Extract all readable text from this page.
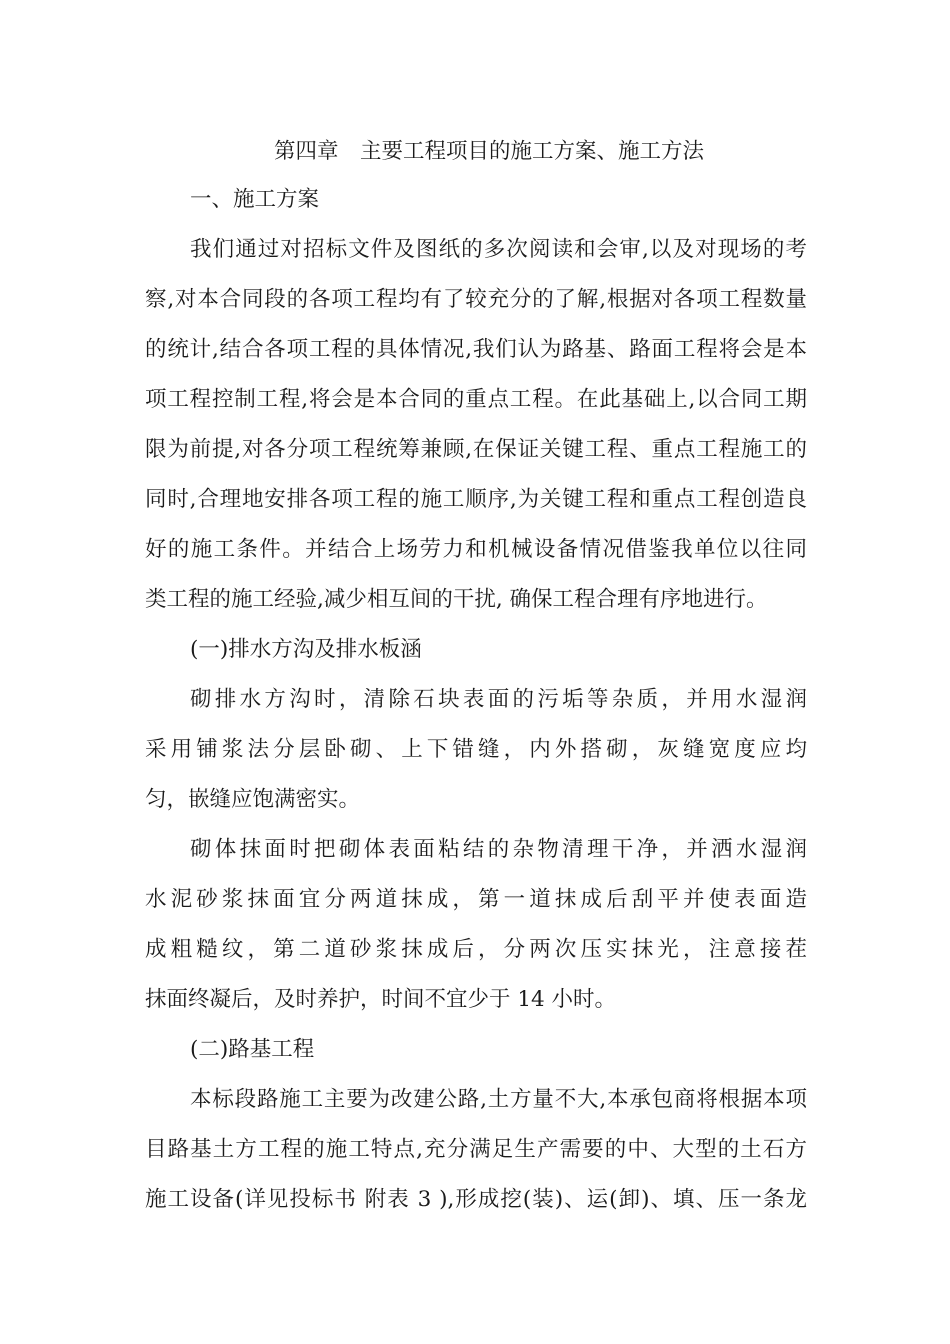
第四章　主要工程项目的施工方案、施工方法
一、施工方案
我们通过对招标文件及图纸的多次阅读和会审,以及对现场的考
察,对本合同段的各项工程均有了较充分的了解,根据对各项工程数量
的统计,结合各项工程的具体情况,我们认为路基、路面工程将会是本
项工程控制工程,将会是本合同的重点工程。在此基础上,以合同工期
限为前提,对各分项工程统筹兼顾,在保证关键工程、重点工程施工的
同时,合理地安排各项工程的施工顺序,为关键工程和重点工程创造良
好的施工条件。并结合上场劳力和机械设备情况借鉴我单位以往同
类工程的施工经验,减少相互间的干扰, 确保工程合理有序地进行。
(一)排水方沟及排水板涵
砌排水方沟时，清除石块表面的污垢等杂质，并用水湿润
采用铺浆法分层卧砌、上下错缝，内外搭砌，灰缝宽度应均
匀，嵌缝应饱满密实。
砌体抹面时把砌体表面粘结的杂物清理干净，并洒水湿润
水泥砂浆抹面宜分两道抹成，第一道抹成后刮平并使表面造
成粗糙纹，第二道砂浆抹成后，分两次压实抹光，注意接茬
抹面终凝后，及时养护，时间不宜少于 14 小时。
(二)路基工程
本标段路施工主要为改建公路,土方量不大,本承包商将根据本项
目路基土方工程的施工特点,充分满足生产需要的中、大型的土石方
施工设备(详见投标书 附表 3 ),形成挖(装)、运(卸)、填、压一条龙
